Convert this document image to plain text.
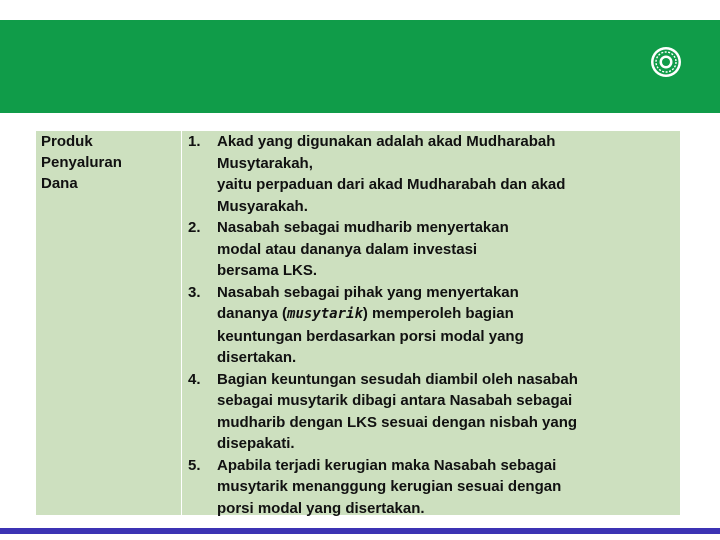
Produk
Penyaluran
Dana

1. Akad yang digunakan adalah akad Mudharabah
Musytarakah,
yaitu perpaduan dari akad Mudharabah dan akad
Musyarakah.
2. Nasabah sebagai mudharib menyertakan
modal atau dananya dalam investasi
bersama LKS.
3. Nasabah sebagai pihak yang menyertakan
dananya (musytarik) memperoleh bagian
keuntungan berdasarkan porsi modal yang
disertakan.
4. Bagian keuntungan sesudah diambil oleh nasabah
sebagai musytarik dibagi antara Nasabah sebagai
mudharib dengan LKS sesuai dengan nisbah yang
disepakati.
5. Apabila terjadi kerugian maka Nasabah sebagai
musytarik menanggung kerugian sesuai dengan
porsi modal yang disertakan.
